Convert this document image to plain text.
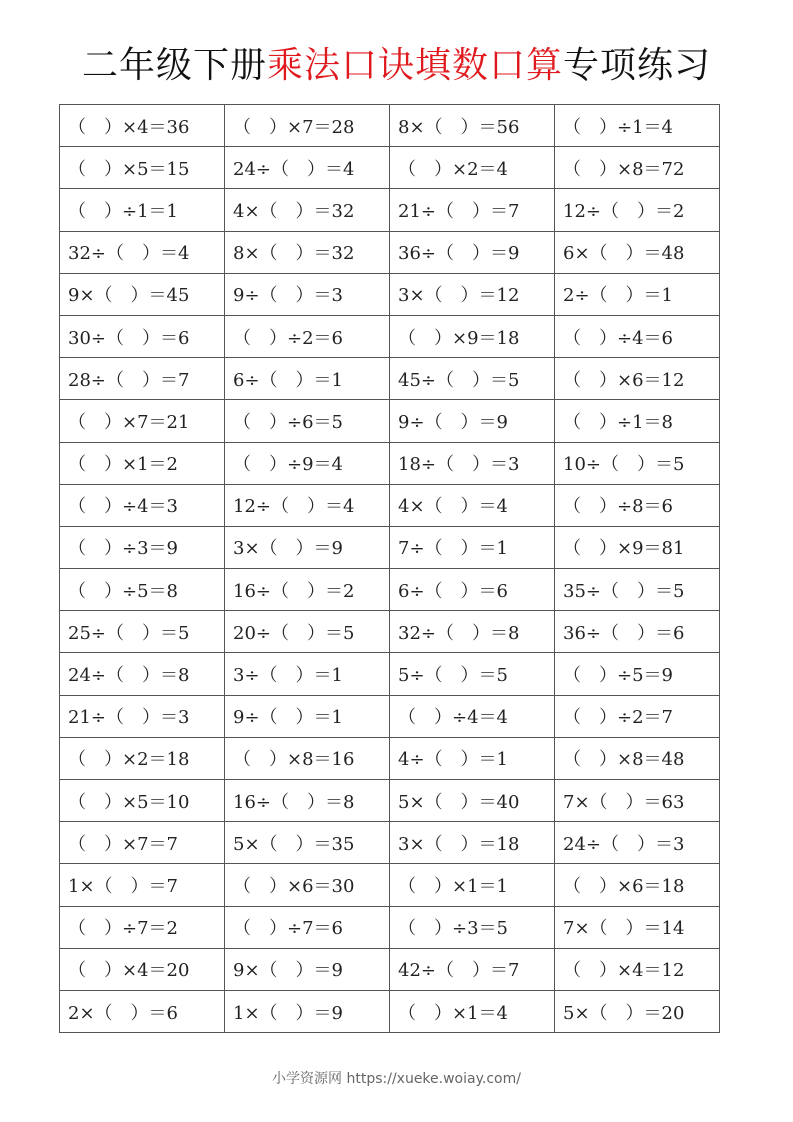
二年级下册乘法口诀填数口算专项练习
（　）×4＝36	（　）×7＝28	8×（　）＝56	（　）÷1＝4
（　）×5＝15	24÷（　）＝4	（　）×2＝4	（　）×8＝72
（　）÷1＝1	4×（　）＝32	21÷（　）＝7	12÷（　）＝2
32÷（　）＝4	8×（　）＝32	36÷（　）＝9	6×（　）＝48
9×（　）＝45	9÷（　）＝3	3×（　）＝12	2÷（　）＝1
30÷（　）＝6	（　）÷2＝6	（　）×9＝18	（　）÷4＝6
28÷（　）＝7	6÷（　）＝1	45÷（　）＝5	（　）×6＝12
（　）×7＝21	（　）÷6＝5	9÷（　）＝9	（　）÷1＝8
（　）×1＝2	（　）÷9＝4	18÷（　）＝3	10÷（　）＝5
（　）÷4＝3	12÷（　）＝4	4×（　）＝4	（　）÷8＝6
（　）÷3＝9	3×（　）＝9	7÷（　）＝1	（　）×9＝81
（　）÷5＝8	16÷（　）＝2	6÷（　）＝6	35÷（　）＝5
25÷（　）＝5	20÷（　）＝5	32÷（　）＝8	36÷（　）＝6
24÷（　）＝8	3÷（　）＝1	5÷（　）＝5	（　）÷5＝9
21÷（　）＝3	9÷（　）＝1	（　）÷4＝4	（　）÷2＝7
（　）×2＝18	（　）×8＝16	4÷（　）＝1	（　）×8＝48
（　）×5＝10	16÷（　）＝8	5×（　）＝40	7×（　）＝63
（　）×7＝7	5×（　）＝35	3×（　）＝18	24÷（　）＝3
1×（　）＝7	（　）×6＝30	（　）×1＝1	（　）×6＝18
（　）÷7＝2	（　）÷7＝6	（　）÷3＝5	7×（　）＝14
（　）×4＝20	9×（　）＝9	42÷（　）＝7	（　）×4＝12
2×（　）＝6	1×（　）＝9	（　）×1＝4	5×（　）＝20
小学资源网 https://xueke.woiay.com/
